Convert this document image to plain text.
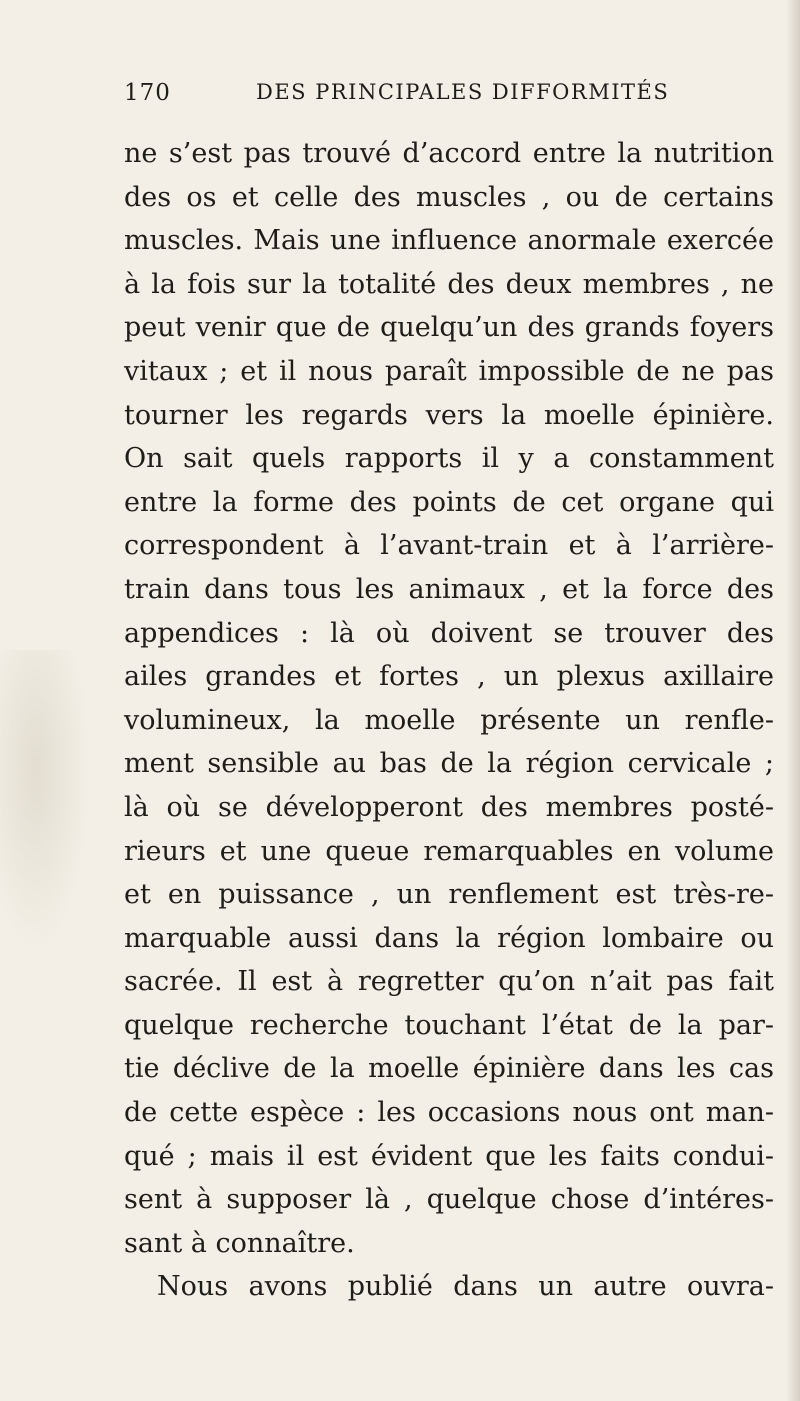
170	DES PRINCIPALES DIFFORMITÉS
ne s’est pas trouvé d’accord entre la nutrition
des os et celle des muscles , ou de certains
muscles. Mais une influence anormale exercée
à la fois sur la totalité des deux membres , ne
peut venir que de quelqu’un des grands foyers
vitaux ; et il nous paraît impossible de ne pas
tourner les regards vers la moelle épinière.
On sait quels rapports il y a constamment
entre la forme des points de cet organe qui
correspondent à l’avant-train et à l’arrière-
train dans tous les animaux , et la force des
appendices : là où doivent se trouver des
ailes grandes et fortes , un plexus axillaire
volumineux, la moelle présente un renfle-
ment sensible au bas de la région cervicale ;
là où se développeront des membres posté-
rieurs et une queue remarquables en volume
et en puissance , un renflement est très-re-
marquable aussi dans la région lombaire ou
sacrée. Il est à regretter qu’on n’ait pas fait
quelque recherche touchant l’état de la par-
tie déclive de la moelle épinière dans les cas
de cette espèce : les occasions nous ont man-
qué ; mais il est évident que les faits condui-
sent à supposer là , quelque chose d’intéres-
sant à connaître.
Nous avons publié dans un autre ouvra-
